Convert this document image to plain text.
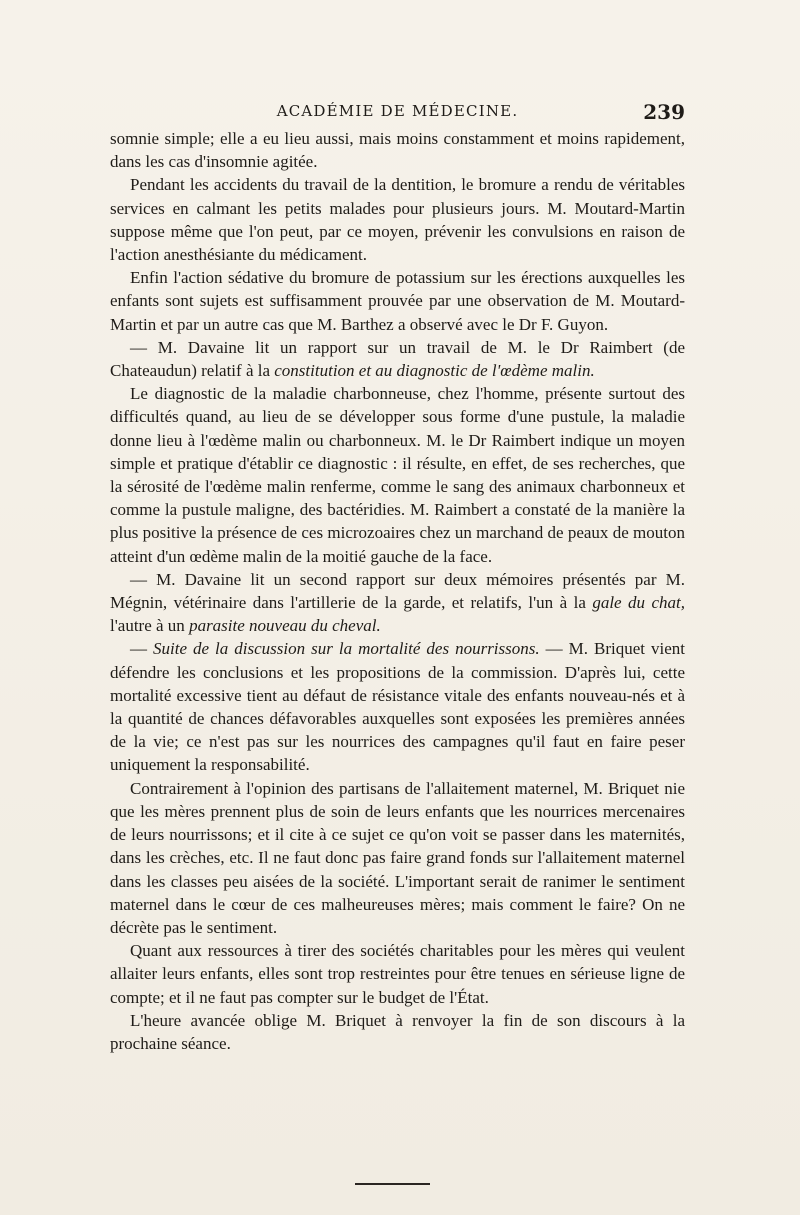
ACADÉMIE DE MÉDECINE.	239

somnie simple; elle a eu lieu aussi, mais moins constamment et moins rapidement, dans les cas d'insomnie agitée.

Pendant les accidents du travail de la dentition, le bromure a rendu de véritables services en calmant les petits malades pour plusieurs jours. M. Moutard-Martin suppose même que l'on peut, par ce moyen, prévenir les convulsions en raison de l'action anesthésiante du médicament.

Enfin l'action sédative du bromure de potassium sur les érections auxquelles les enfants sont sujets est suffisamment prouvée par une observation de M. Moutard-Martin et par un autre cas que M. Barthez a observé avec le Dr F. Guyon.

— M. Davaine lit un rapport sur un travail de M. le Dr Raimbert (de Chateaudun) relatif à la constitution et au diagnostic de l'œdème malin.

Le diagnostic de la maladie charbonneuse, chez l'homme, présente surtout des difficultés quand, au lieu de se développer sous forme d'une pustule, la maladie donne lieu à l'œdème malin ou charbonneux. M. le Dr Raimbert indique un moyen simple et pratique d'établir ce diagnostic : il résulte, en effet, de ses recherches, que la sérosité de l'œdème malin renferme, comme le sang des animaux charbonneux et comme la pustule maligne, des bactéridies. M. Raimbert a constaté de la manière la plus positive la présence de ces microzoaires chez un marchand de peaux de mouton atteint d'un œdème malin de la moitié gauche de la face.

— M. Davaine lit un second rapport sur deux mémoires présentés par M. Mégnin, vétérinaire dans l'artillerie de la garde, et relatifs, l'un à la gale du chat, l'autre à un parasite nouveau du cheval.

— Suite de la discussion sur la mortalité des nourrissons. — M. Briquet vient défendre les conclusions et les propositions de la commission. D'après lui, cette mortalité excessive tient au défaut de résistance vitale des enfants nouveau-nés et à la quantité de chances défavorables auxquelles sont exposées les premières années de la vie; ce n'est pas sur les nourrices des campagnes qu'il faut en faire peser uniquement la responsabilité.

Contrairement à l'opinion des partisans de l'allaitement maternel, M. Briquet nie que les mères prennent plus de soin de leurs enfants que les nourrices mercenaires de leurs nourrissons; et il cite à ce sujet ce qu'on voit se passer dans les maternités, dans les crèches, etc. Il ne faut donc pas faire grand fonds sur l'allaitement maternel dans les classes peu aisées de la société. L'important serait de ranimer le sentiment maternel dans le cœur de ces malheureuses mères; mais comment le faire? On ne décrète pas le sentiment.

Quant aux ressources à tirer des sociétés charitables pour les mères qui veulent allaiter leurs enfants, elles sont trop restreintes pour être tenues en sérieuse ligne de compte; et il ne faut pas compter sur le budget de l'État.

L'heure avancée oblige M. Briquet à renvoyer la fin de son discours à la prochaine séance.
